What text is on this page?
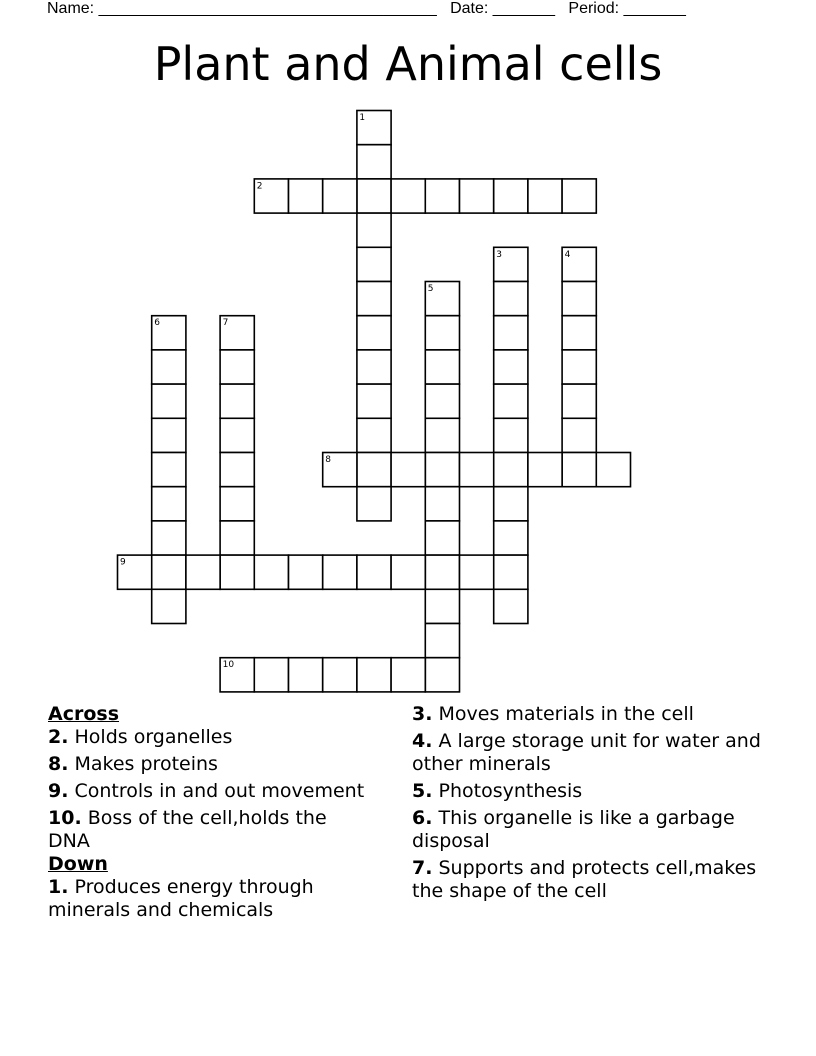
Name: ______________________________________ Date: _______ Period: _______
Plant and Animal cells
1
2
3	4
5
6	7
8
9
10
Across
2. Holds organelles
8. Makes proteins
9. Controls in and out movement
10. Boss of the cell,holds the DNA
Down
1. Produces energy through minerals and chemicals
3. Moves materials in the cell
4. A large storage unit for water and other minerals
5. Photosynthesis
6. This organelle is like a garbage disposal
7. Supports and protects cell,makes the shape of the cell
